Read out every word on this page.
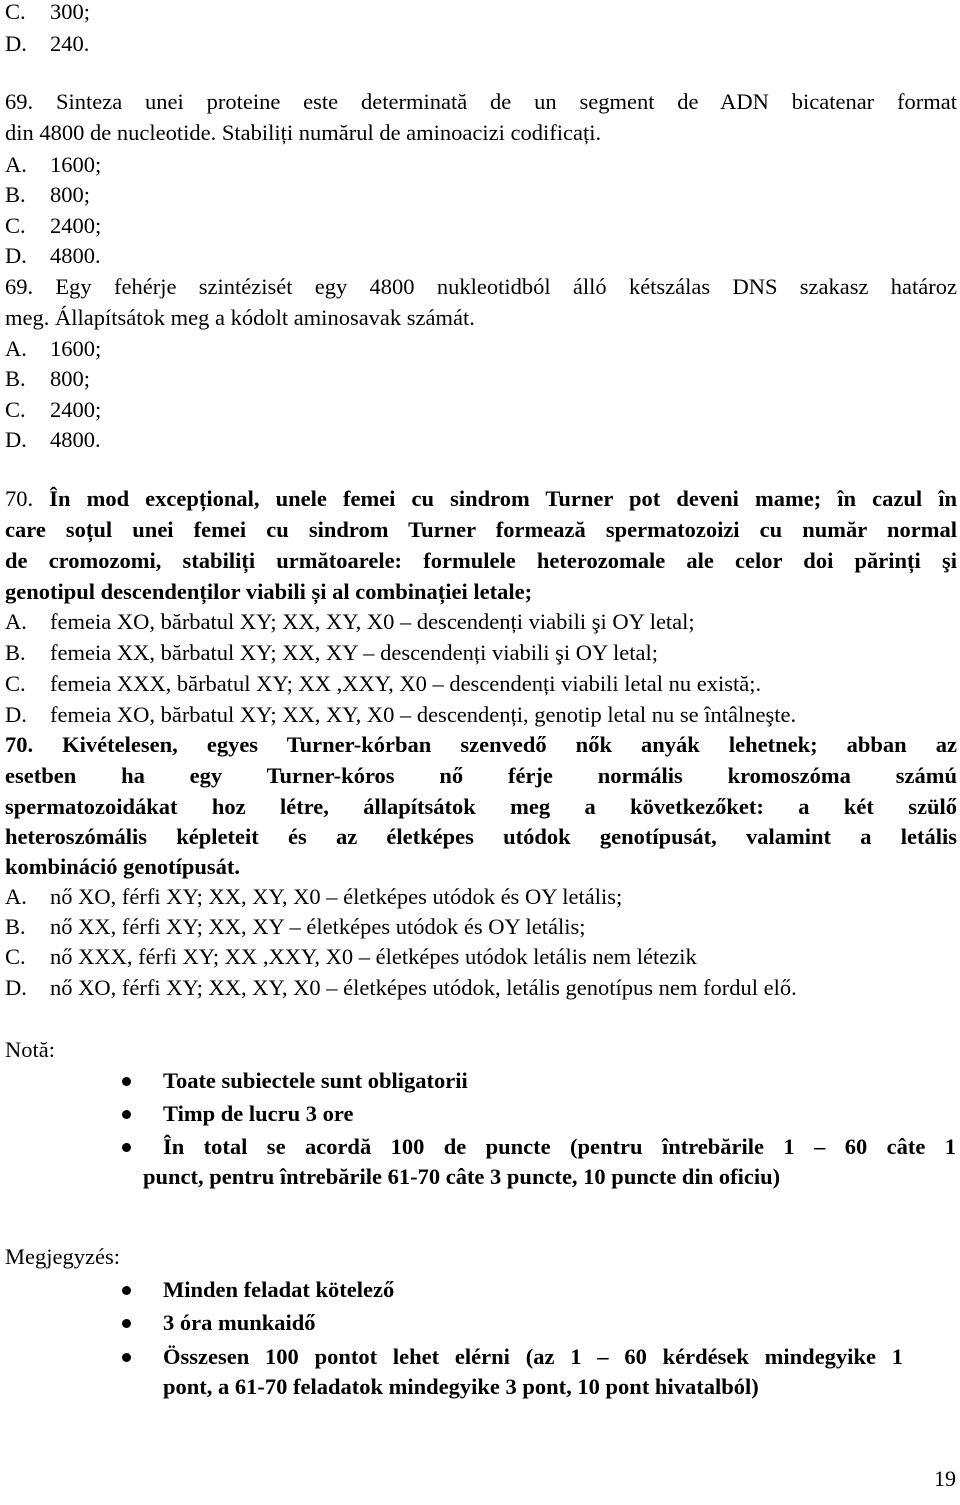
C. 300;
D. 240.
69. Sinteza unei proteine este determinată de un segment de ADN bicatenar format
din 4800 de nucleotide. Stabiliți numărul de aminoacizi codificați.
A. 1600;
B. 800;
C. 2400;
D. 4800.
69. Egy fehérje szintézisét egy 4800 nukleotidból álló kétszálas DNS szakasz határoz
meg. Állapítsátok meg a kódolt aminosavak számát.
A. 1600;
B. 800;
C. 2400;
D. 4800.
70. În mod excepțional, unele femei cu sindrom Turner pot deveni mame; în cazul în
care soțul unei femei cu sindrom Turner formează spermatozoizi cu număr normal
de cromozomi, stabiliți următoarele: formulele heterozomale ale celor doi părinți şi
genotipul descendenților viabili și al combinației letale;
A. femeia XO, bărbatul XY; XX, XY, X0 – descendenți viabili şi OY letal;
B. femeia XX, bărbatul XY; XX, XY – descendenți viabili şi OY letal;
C. femeia XXX, bărbatul XY; XX ,XXY, X0 – descendenți viabili letal nu există;.
D. femeia XO, bărbatul XY; XX, XY, X0 – descendenți, genotip letal nu se întâlneşte.
70. Kivételesen, egyes Turner-kórban szenvedő nők anyák lehetnek; abban az
esetben ha egy Turner-kóros nő férje normális kromoszóma számú
spermatozoidákat hoz létre, állapítsátok meg a következőket: a két szülő
heteroszómális képleteit és az életképes utódok genotípusát, valamint a letális
kombináció genotípusát.
A. nő XO, férfi XY; XX, XY, X0 – életképes utódok és OY letális;
B. nő XX, férfi XY; XX, XY – életképes utódok és OY letális;
C. nő XXX, férfi XY; XX ,XXY, X0 – életképes utódok letális nem létezik
D. nő XO, férfi XY; XX, XY, X0 – életképes utódok, letális genotípus nem fordul elő.
Notă:
Toate subiectele sunt obligatorii
Timp de lucru 3 ore
În total se acordă 100 de puncte (pentru întrebările 1 – 60 câte 1
punct, pentru întrebările 61-70 câte 3 puncte, 10 puncte din oficiu)
Megjegyzés:
Minden feladat kötelező
3 óra munkaidő
Összesen 100 pontot lehet elérni (az 1 – 60 kérdések mindegyike 1
pont, a 61-70 feladatok mindegyike 3 pont, 10 pont hivatalból)
19
